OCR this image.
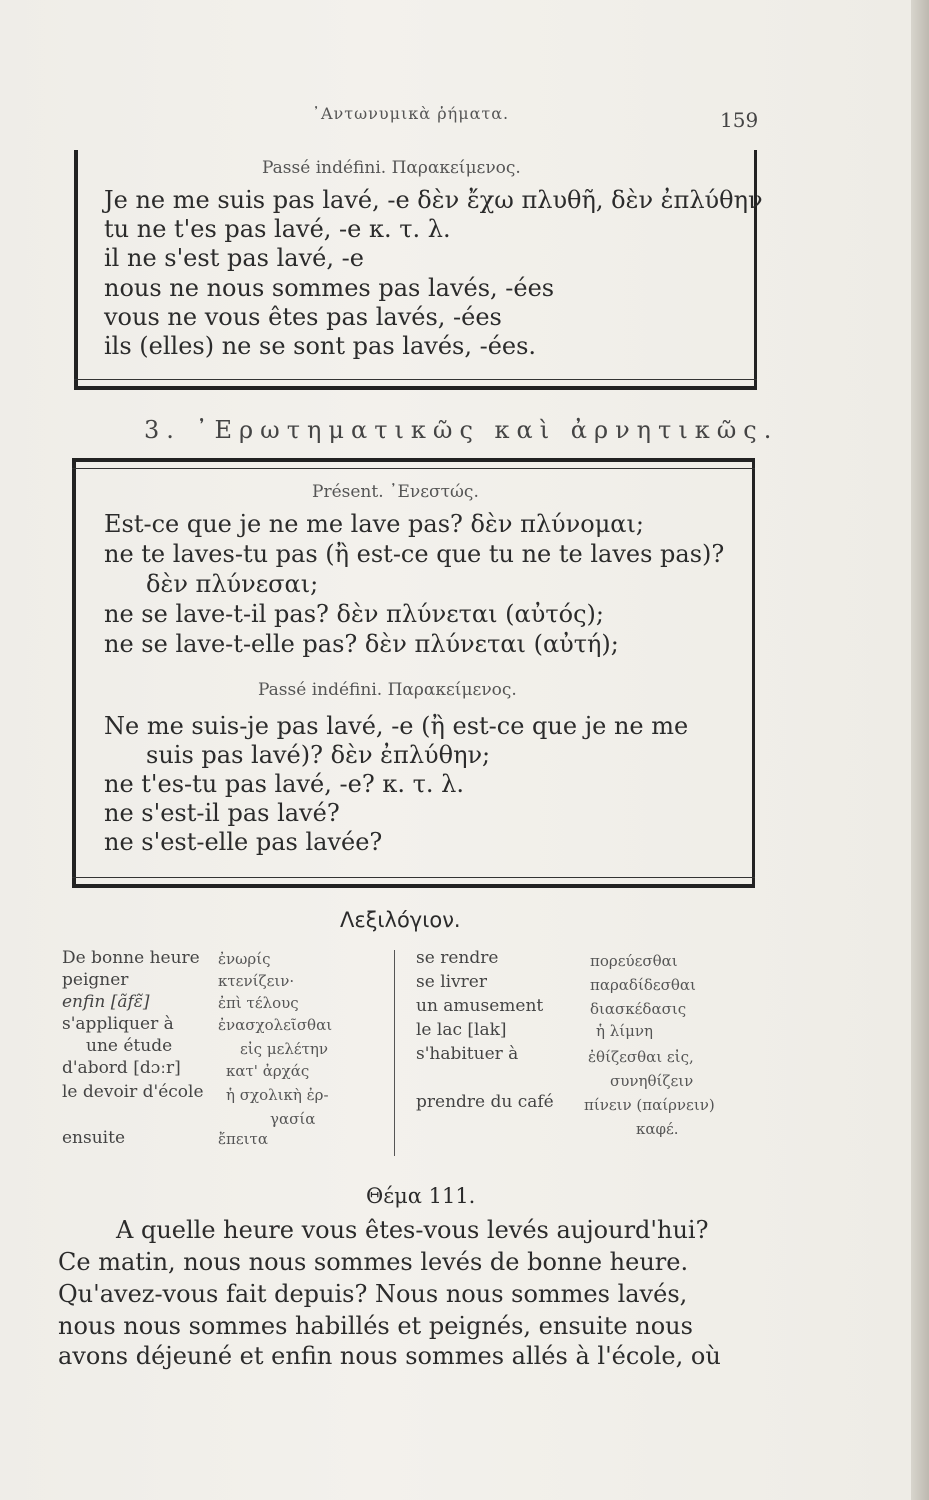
᾿Αντωνυμικὰ ῥήματα.	159
Passé indéfini. Παρακείμενος.
Je ne me suis pas lavé, -e δὲν ἔχω πλυθῆ, δὲν ἐπλύθην
tu ne t'es pas lavé, -e κ. τ. λ.
il ne s'est pas lavé, -e
nous ne nous sommes pas lavés, -ées
vous ne vous êtes pas lavés, -ées
ils (elles) ne se sont pas lavés, -ées.
3. ᾿Ερωτηματικῶς καὶ ἀρνητικῶς.
Présent. ᾿Ενεστώς.
Est-ce que je ne me lave pas? δὲν πλύνομαι;
ne te laves-tu pas (ἢ est-ce que tu ne te laves pas)?
δὲν πλύνεσαι;
ne se lave-t-il pas? δὲν πλύνεται (αὐτός);
ne se lave-t-elle pas? δὲν πλύνεται (αὐτή);
Passé indéfini. Παρακείμενος.
Ne me suis-je pas lavé, -e (ἢ est-ce que je ne me
suis pas lavé)? δὲν ἐπλύθην;
ne t'es-tu pas lavé, -e? κ. τ. λ.
ne s'est-il pas lavé?
ne s'est-elle pas lavée?
Λεξιλόγιον.
De bonne heure ἐνωρίς
peigner	κτενίζειν·
enfin [ãfɛ̃]	ἐπὶ τέλους
s'appliquer à	ἐνασχολεῖσθαι
une étude	εἰς μελέτην
d'abord [dɔːr]	κατ' ἀρχάς
le devoir d'école ἡ σχολικὴ ἐρ-
γασία
ensuite	ἔπειτα
se rendre	πορεύεσθαι
se livrer	παραδίδεσθαι
un amusement	διασκέδασις
le lac [lak]	ἡ λίμνη
s'habituer à	ἐθίζεσθαι εἰς,
συνηθίζειν
prendre du café πίνειν (παίρνειν)
καφέ.
Θέμα 111.
A quelle heure vous êtes-vous levés aujourd'hui?
Ce matin, nous nous sommes levés de bonne heure.
Qu'avez-vous fait depuis? Nous nous sommes lavés,
nous nous sommes habillés et peignés, ensuite nous
avons déjeuné et enfin nous sommes allés à l'école, où
